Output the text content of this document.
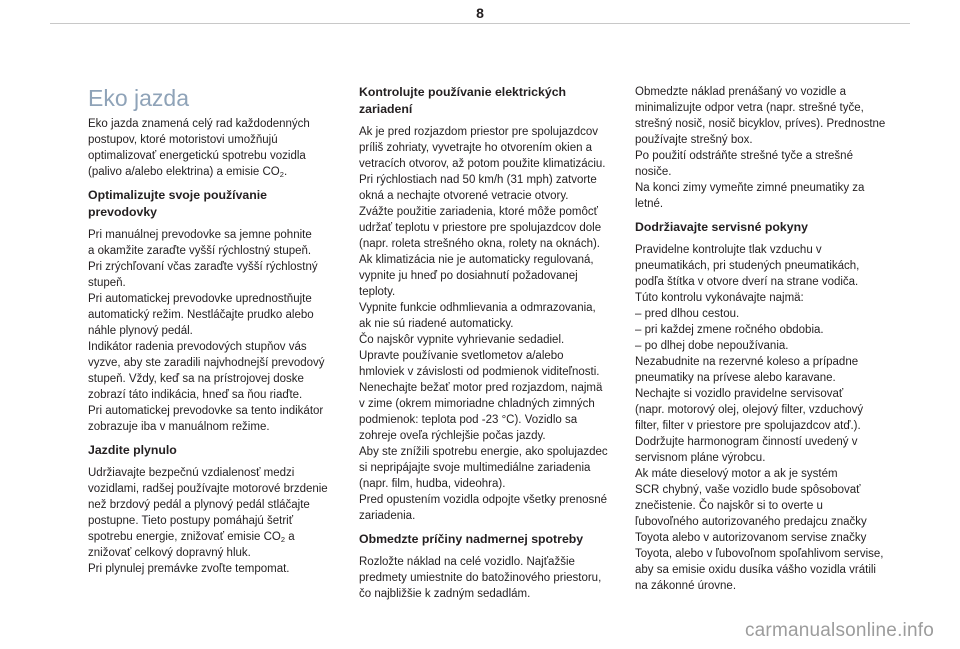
8
Eko jazda

Eko jazda znamená celý rad každodenných
postupov, ktoré motoristovi umožňujú
optimalizovať energetickú spotrebu vozidla
(palivo a/alebo elektrina) a emisie $CO_2$.

Optimalizujte svoje používanie
prevodovky

Pri manuálnej prevodovke sa jemne pohnite
a okamžite zaraďte vyšší rýchlostný stupeň.
Pri zrýchľovaní včas zaraďte vyšší rýchlostný
stupeň.
Pri automatickej prevodovke uprednostňujte
automatický režim. Nestláčajte prudko alebo
náhle plynový pedál.
Indikátor radenia prevodových stupňov vás
vyzve, aby ste zaradili najvhodnejší prevodový
stupeň. Vždy, keď sa na prístrojovej doske
zobrazí táto indikácia, hneď sa ňou riaďte.
Pri automatickej prevodovke sa tento indikátor
zobrazuje iba v manuálnom režime.

Jazdite plynulo

Udržiavajte bezpečnú vzdialenosť medzi
vozidlami, radšej používajte motorové brzdenie
než brzdový pedál a plynový pedál stláčajte
postupne. Tieto postupy pomáhajú šetriť
spotrebu energie, znižovať emisie $CO_2$ a
znižovať celkový dopravný hluk.
Pri plynulej premávke zvoľte tempomat.

Kontrolujte používanie elektrických
zariadení

Ak je pred rozjazdom priestor pre spolujazdcov
príliš zohriaty, vyvetrajte ho otvorením okien a
vetracích otvorov, až potom použite klimatizáciu.
Pri rýchlostiach nad 50 km/h (31 mph) zatvorte
okná a nechajte otvorené vetracie otvory.
Zvážte použitie zariadenia, ktoré môže pomôcť
udržať teplotu v priestore pre spolujazdcov dole
(napr. roleta strešného okna, rolety na oknách).
Ak klimatizácia nie je automaticky regulovaná,
vypnite ju hneď po dosiahnutí požadovanej
teploty.
Vypnite funkcie odhmlievania a odmrazovania,
ak nie sú riadené automaticky.
Čo najskôr vypnite vyhrievanie sedadiel.
Upravte používanie svetlometov a/alebo
hmloviek v závislosti od podmienok viditeľnosti.
Nenechajte bežať motor pred rozjazdom, najmä
v zime (okrem mimoriadne chladných zimných
podmienok: teplota pod -23 °C). Vozidlo sa
zohreje oveľa rýchlejšie počas jazdy.
Aby ste znížili spotrebu energie, ako spolujazdec
si nepripájajte svoje multimediálne zariadenia
(napr. film, hudba, videohra).
Pred opustením vozidla odpojte všetky prenosné
zariadenia.

Obmedzte príčiny nadmernej spotreby

Rozložte náklad na celé vozidlo. Najťažšie
predmety umiestnite do batožinového priestoru,
čo najbližšie k zadným sedadlám.

Obmedzte náklad prenášaný vo vozidle a
minimalizujte odpor vetra (napr. strešné tyče,
strešný nosič, nosič bicyklov, príves). Prednostne
používajte strešný box.
Po použití odstráňte strešné tyče a strešné
nosiče.
Na konci zimy vymeňte zimné pneumatiky za
letné.

Dodržiavajte servisné pokyny

Pravidelne kontrolujte tlak vzduchu v
pneumatikách, pri studených pneumatikách,
podľa štítka v otvore dverí na strane vodiča.
Túto kontrolu vykonávajte najmä:
– pred dlhou cestou.
– pri každej zmene ročného obdobia.
– po dlhej dobe nepoužívania.
Nezabudnite na rezervné koleso a prípadne
pneumatiky na prívese alebo karavane.
Nechajte si vozidlo pravidelne servisovať
(napr. motorový olej, olejový filter, vzduchový
filter, filter v priestore pre spolujazdcov atď.).
Dodržujte harmonogram činností uvedený v
servisnom pláne výrobcu.
Ak máte dieselový motor a ak je systém
SCR chybný, vaše vozidlo bude spôsobovať
znečistenie. Čo najskôr si to overte u
ľubovoľného autorizovaného predajcu značky
Toyota alebo v autorizovanom servise značky
Toyota, alebo v ľubovoľnom spoľahlivom servise,
aby sa emisie oxidu dusíka vášho vozidla vrátili
na zákonné úrovne.

carmanualsonline.info
